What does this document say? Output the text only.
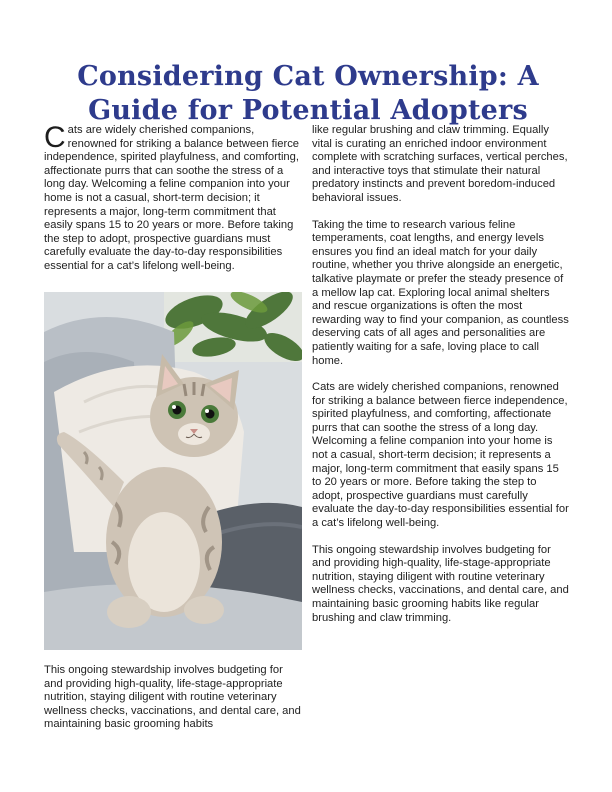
Considering Cat Ownership: A Guide for Potential Adopters

Cats are widely cherished companions, renowned for striking a balance between fierce independence, spirited playfulness, and comforting, affectionate purrs that can soothe the stress of a long day. Welcoming a feline companion into your home is not a casual, short-term decision; it represents a major, long-term commitment that easily spans 15 to 20 years or more. Before taking the step to adopt, prospective guardians must carefully evaluate the day-to-day responsibilities essential for a cat’s lifelong well-being.

This ongoing stewardship involves budgeting for and providing high-quality, life-stage-appropriate nutrition, staying diligent with routine veterinary wellness checks, vaccinations, and dental care, and maintaining basic grooming habits

like regular brushing and claw trimming. Equally vital is curating an enriched indoor environment complete with scratching surfaces, vertical perches, and interactive toys that stimulate their natural predatory instincts and prevent boredom-induced behavioral issues.

Taking the time to research various feline temperaments, coat lengths, and energy levels ensures you find an ideal match for your daily routine, whether you thrive alongside an energetic, talkative playmate or prefer the steady presence of a mellow lap cat. Exploring local animal shelters and rescue organizations is often the most rewarding way to find your companion, as countless deserving cats of all ages and personalities are patiently waiting for a safe, loving place to call home.

Cats are widely cherished companions, renowned for striking a balance between fierce independence, spirited playfulness, and comforting, affectionate purrs that can soothe the stress of a long day. Welcoming a feline companion into your home is not a casual, short-term decision; it represents a major, long-term commitment that easily spans 15 to 20 years or more. Before taking the step to adopt, prospective guardians must carefully evaluate the day-to-day responsibilities essential for a cat’s lifelong well-being.

This ongoing stewardship involves budgeting for and providing high-quality, life-stage-appropriate nutrition, staying diligent with routine veterinary wellness checks, vaccinations, and dental care, and maintaining basic grooming habits like regular brushing and claw trimming.
